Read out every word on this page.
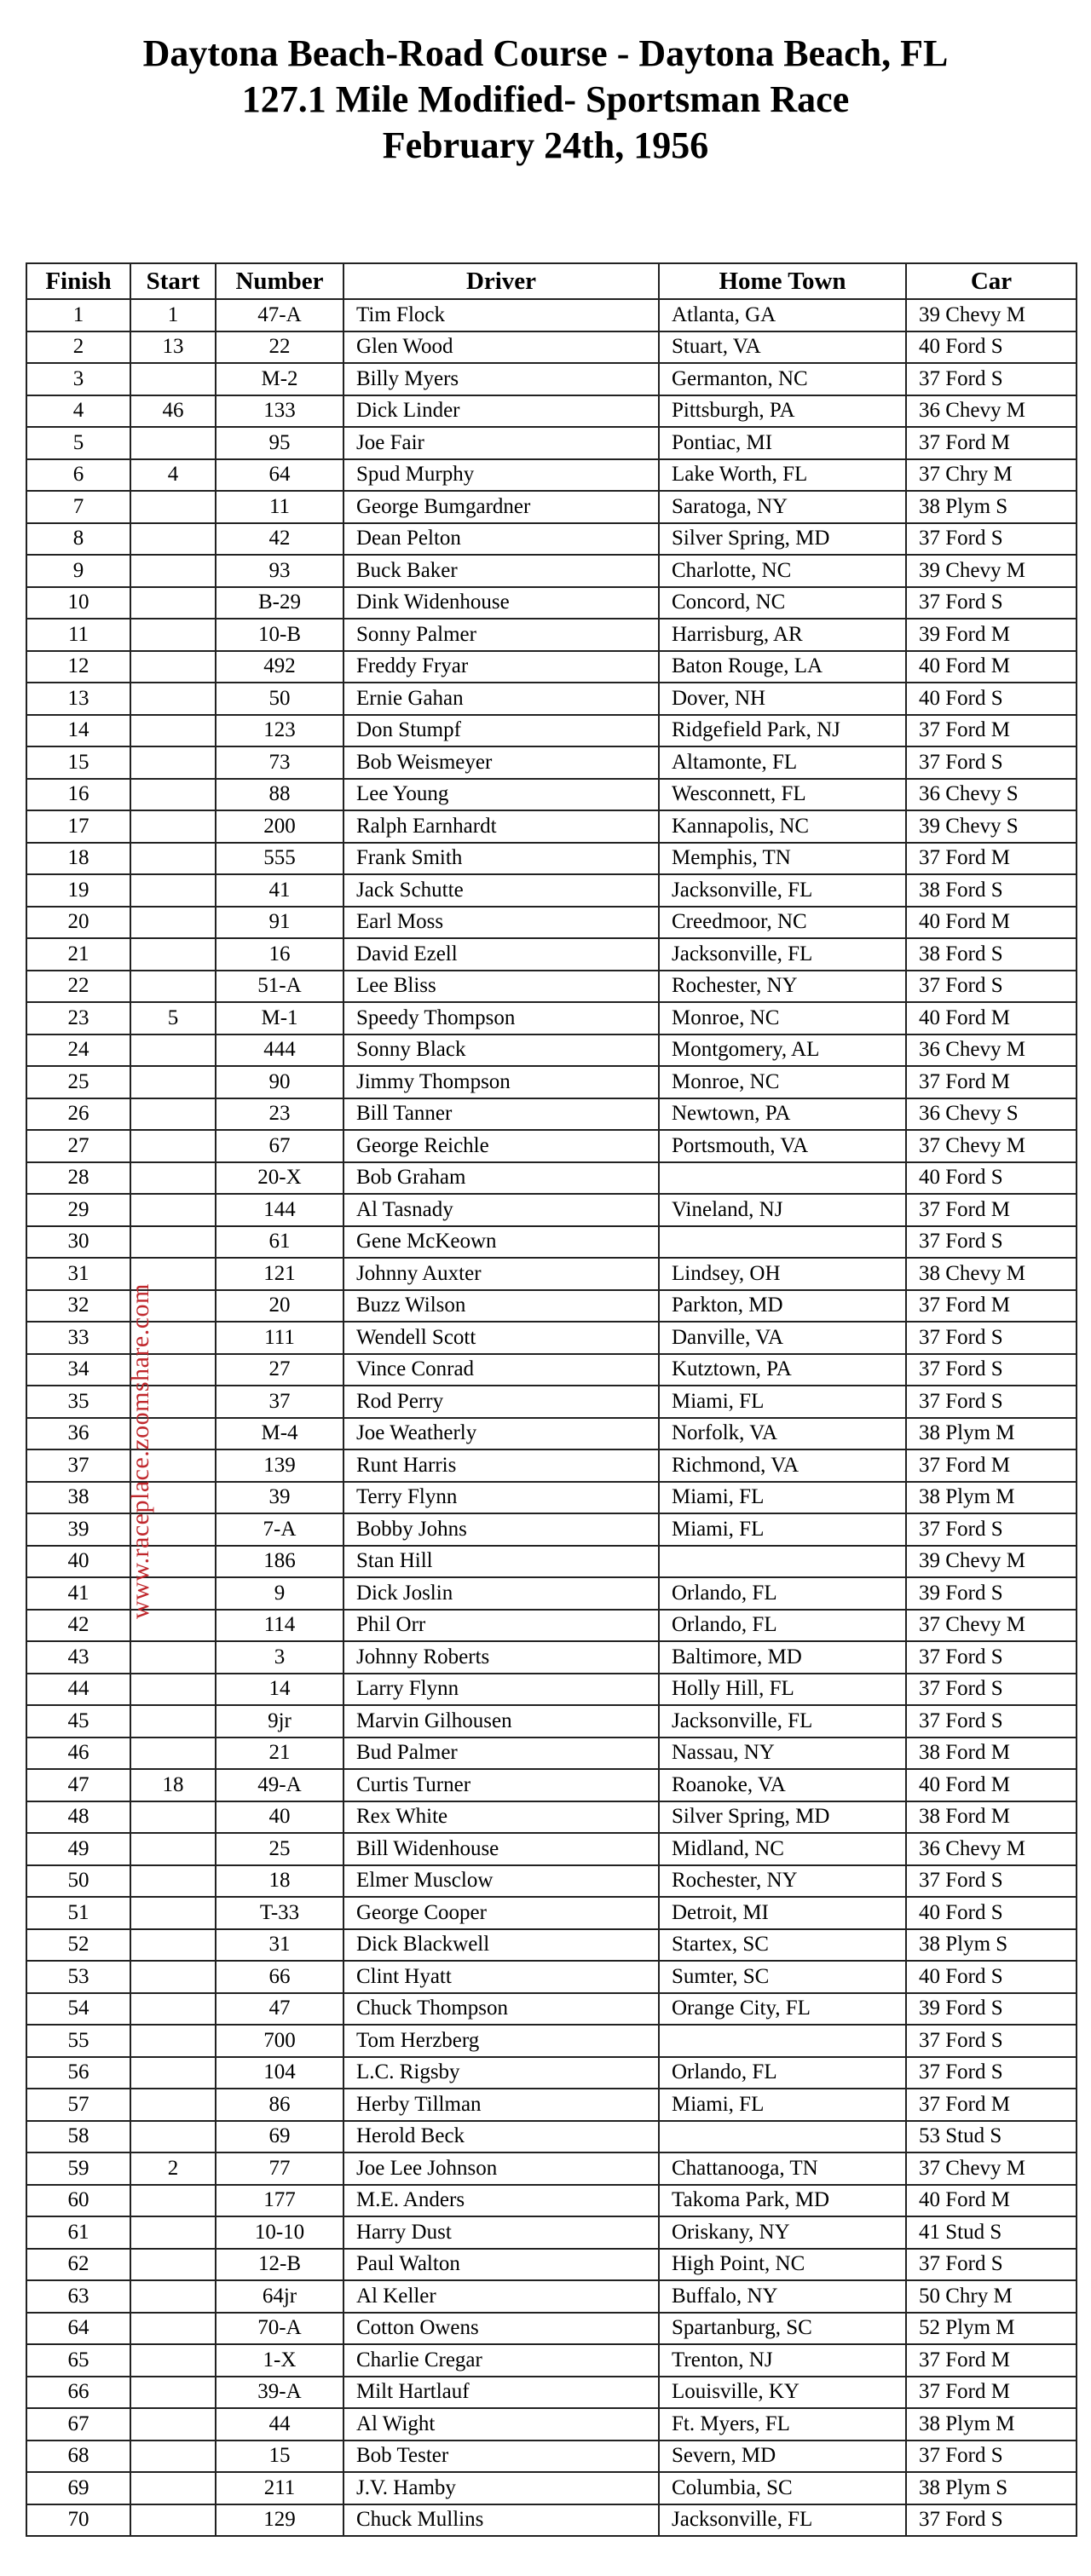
Daytona Beach-Road Course - Daytona Beach, FL
127.1 Mile Modified- Sportsman Race
February 24th, 1956
Finish	Start	Number	Driver	Home Town	Car
1	1	47-A	Tim Flock	Atlanta, GA	39 Chevy M
2	13	22	Glen Wood	Stuart, VA	40 Ford S
3		M-2	Billy Myers	Germanton, NC	37 Ford S
4	46	133	Dick Linder	Pittsburgh, PA	36 Chevy M
5		95	Joe Fair	Pontiac, MI	37 Ford M
6	4	64	Spud Murphy	Lake Worth, FL	37 Chry M
7		11	George Bumgardner	Saratoga, NY	38 Plym S
8		42	Dean Pelton	Silver Spring, MD	37 Ford S
9		93	Buck Baker	Charlotte, NC	39 Chevy M
10		B-29	Dink Widenhouse	Concord, NC	37 Ford S
11		10-B	Sonny Palmer	Harrisburg, AR	39 Ford M
12		492	Freddy Fryar	Baton Rouge, LA	40 Ford M
13		50	Ernie Gahan	Dover, NH	40 Ford S
14		123	Don Stumpf	Ridgefield Park, NJ	37 Ford M
15		73	Bob Weismeyer	Altamonte, FL	37 Ford S
16		88	Lee Young	Wesconnett, FL	36 Chevy S
17		200	Ralph Earnhardt	Kannapolis, NC	39 Chevy S
18		555	Frank Smith	Memphis, TN	37 Ford M
19		41	Jack Schutte	Jacksonville, FL	38 Ford S
20		91	Earl Moss	Creedmoor, NC	40 Ford M
21		16	David Ezell	Jacksonville, FL	38 Ford S
22		51-A	Lee Bliss	Rochester, NY	37 Ford S
23	5	M-1	Speedy Thompson	Monroe, NC	40 Ford M
24		444	Sonny Black	Montgomery, AL	36 Chevy M
25		90	Jimmy Thompson	Monroe, NC	37 Ford M
26		23	Bill Tanner	Newtown, PA	36 Chevy S
27		67	George Reichle	Portsmouth, VA	37 Chevy M
28		20-X	Bob Graham		40 Ford S
29		144	Al Tasnady	Vineland, NJ	37 Ford M
30		61	Gene McKeown		37 Ford S
31		121	Johnny Auxter	Lindsey, OH	38 Chevy M
32		20	Buzz Wilson	Parkton, MD	37 Ford M
33		111	Wendell Scott	Danville, VA	37 Ford S
34		27	Vince Conrad	Kutztown, PA	37 Ford S
35		37	Rod Perry	Miami, FL	37 Ford S
36		M-4	Joe Weatherly	Norfolk, VA	38 Plym M
37		139	Runt Harris	Richmond, VA	37 Ford M
38		39	Terry Flynn	Miami, FL	38 Plym M
39		7-A	Bobby Johns	Miami, FL	37 Ford S
40		186	Stan Hill		39 Chevy M
41		9	Dick Joslin	Orlando, FL	39 Ford S
42		114	Phil Orr	Orlando, FL	37 Chevy M
43		3	Johnny Roberts	Baltimore, MD	37 Ford S
44		14	Larry Flynn	Holly Hill, FL	37 Ford S
45		9jr	Marvin Gilhousen	Jacksonville, FL	37 Ford S
46		21	Bud Palmer	Nassau, NY	38 Ford M
47	18	49-A	Curtis Turner	Roanoke, VA	40 Ford M
48		40	Rex White	Silver Spring, MD	38 Ford M
49		25	Bill Widenhouse	Midland, NC	36 Chevy M
50		18	Elmer Musclow	Rochester, NY	37 Ford S
51		T-33	George Cooper	Detroit, MI	40 Ford S
52		31	Dick Blackwell	Startex, SC	38 Plym S
53		66	Clint Hyatt	Sumter, SC	40 Ford S
54		47	Chuck Thompson	Orange City, FL	39 Ford S
55		700	Tom Herzberg		37 Ford S
56		104	L.C. Rigsby	Orlando, FL	37 Ford S
57		86	Herby Tillman	Miami, FL	37 Ford M
58		69	Herold Beck		53 Stud S
59	2	77	Joe Lee Johnson	Chattanooga, TN	37 Chevy M
60		177	M.E. Anders	Takoma Park, MD	40 Ford M
61		10-10	Harry Dust	Oriskany, NY	41 Stud S
62		12-B	Paul Walton	High Point, NC	37 Ford S
63		64jr	Al Keller	Buffalo, NY	50 Chry M
64		70-A	Cotton Owens	Spartanburg, SC	52 Plym M
65		1-X	Charlie Cregar	Trenton, NJ	37 Ford M
66		39-A	Milt Hartlauf	Louisville, KY	37 Ford M
67		44	Al Wight	Ft. Myers, FL	38 Plym M
68		15	Bob Tester	Severn, MD	37 Ford S
69		211	J.V. Hamby	Columbia, SC	38 Plym S
70		129	Chuck Mullins	Jacksonville, FL	37 Ford S
www.raceplace.zoomshare.com
